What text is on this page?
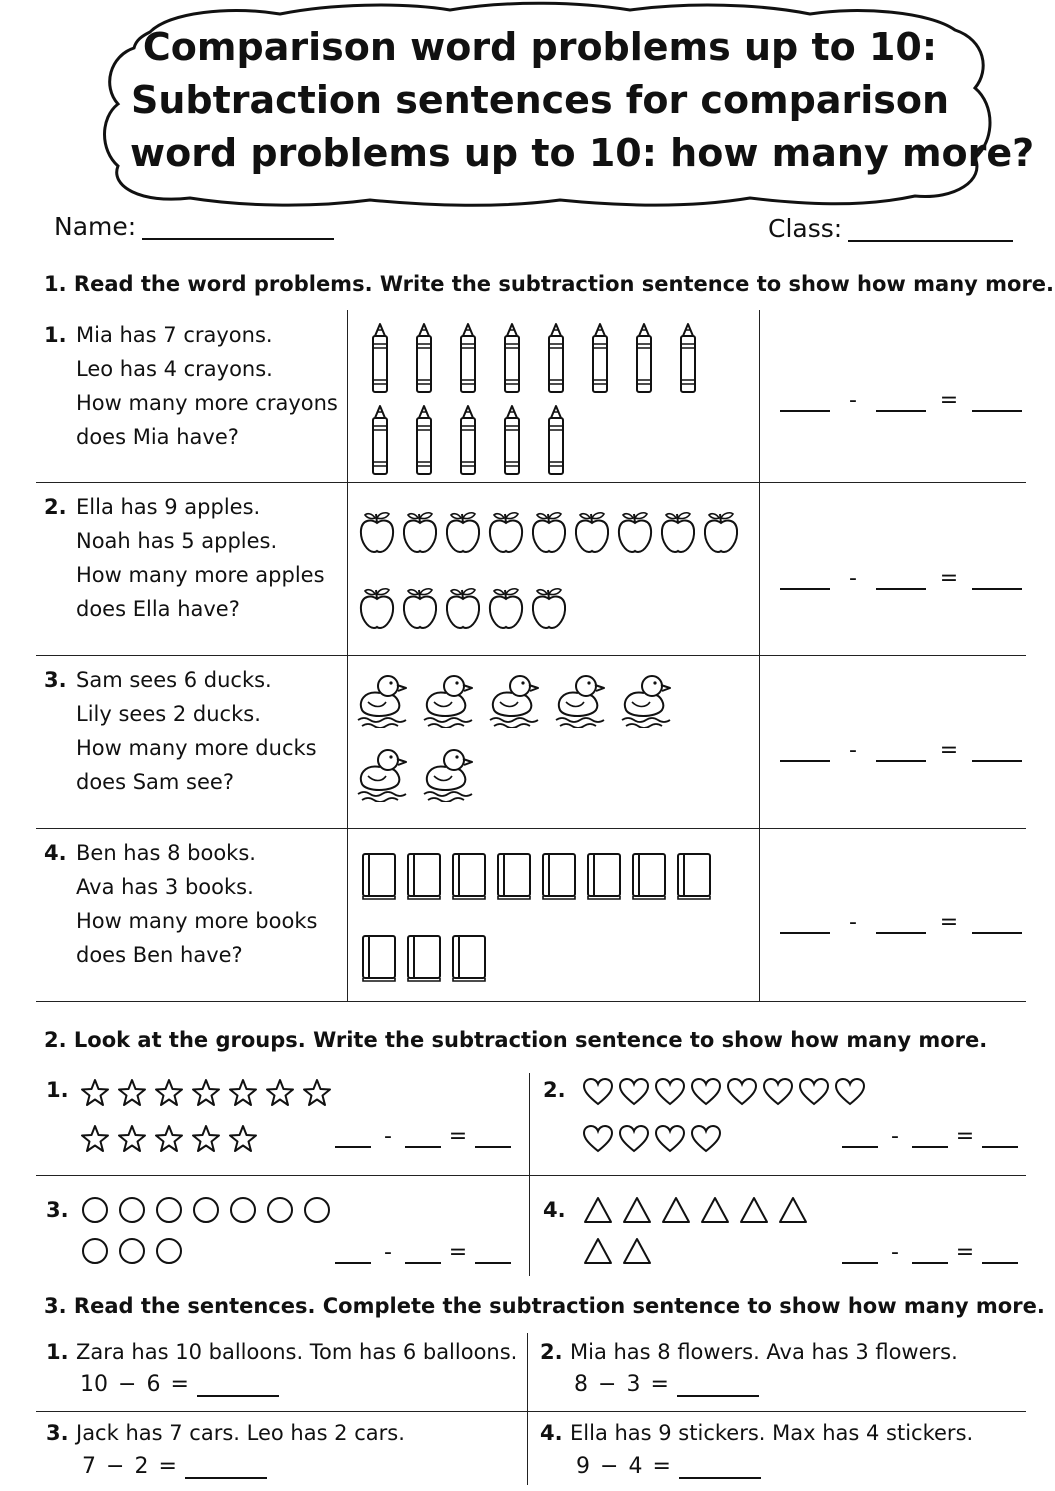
Comparison word problems up to 10:
Subtraction sentences for comparison
word problems up to 10: how many more?
Name:	Class:
1. Read the word problems. Write the subtraction sentence to show how many more.
1. Mia has 7 crayons.
Leo has 4 crayons.
How many more crayons
does Mia have?
-	=
2. Ella has 9 apples.
Noah has 5 apples.
How many more apples
does Ella have?
-	=
3. Sam sees 6 ducks.
Lily sees 2 ducks.
How many more ducks
does Sam see?
-	=
4. Ben has 8 books.
Ava has 3 books.
How many more books
does Ben have?
-	=
2. Look at the groups. Write the subtraction sentence to show how many more.
1.
-	=
2.
-	=
3.
-	=
4.
-	=
3. Read the sentences. Complete the subtraction sentence to show how many more.
1. Zara has 10 balloons. Tom has 6 balloons.
10 − 6 =
2. Mia has 8 flowers. Ava has 3 flowers.
8 − 3 =
3. Jack has 7 cars. Leo has 2 cars.
7 − 2 =
4. Ella has 9 stickers. Max has 4 stickers.
9 − 4 =
